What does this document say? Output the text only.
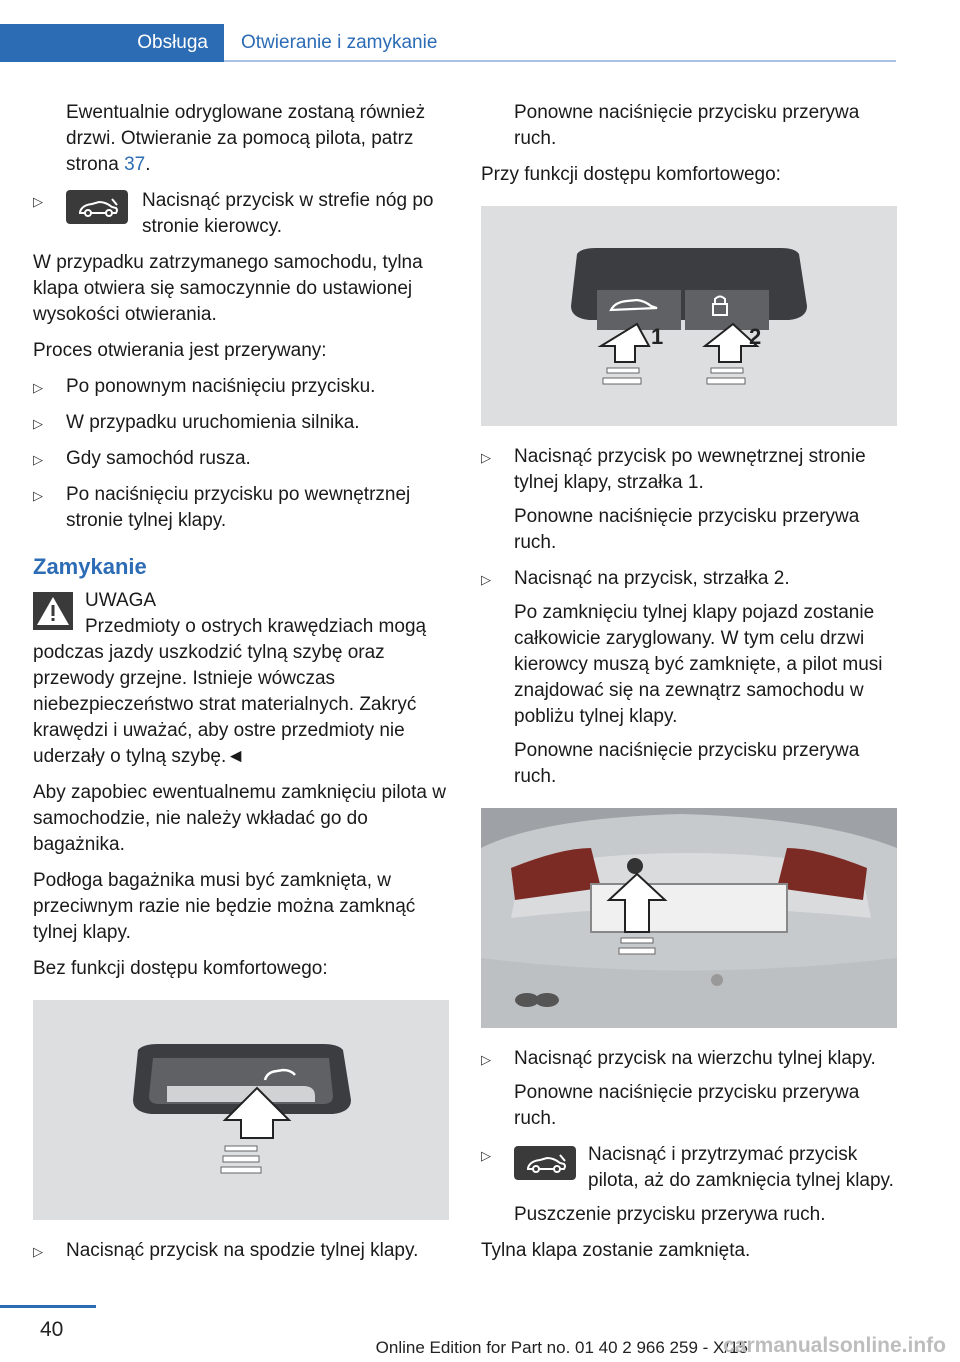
Obsługa	Otwieranie i zamykanie

Ewentualnie odryglowane zostaną również drzwi. Otwieranie za pomocą pilota, patrz strona 37.

▷	Nacisnąć przycisk w strefie nóg po stronie kierowcy.

W przypadku zatrzymanego samochodu, tylna klapa otwiera się samoczynnie do ustawionej wysokości otwierania.

Proces otwierania jest przerywany:

▷ Po ponownym naciśnięciu przycisku.
▷ W przypadku uruchomienia silnika.
▷ Gdy samochód rusza.
▷ Po naciśnięciu przycisku po wewnętrznej stronie tylnej klapy.
Zamykanie
UWAGA

Przedmioty o ostrych krawędziach mogą podczas jazdy uszkodzić tylną szybę oraz przewody grzejne. Istnieje wówczas niebezpieczeństwo strat materialnych. Zakryć krawędzi i uważać, aby ostre przedmioty nie uderzały o tylną szybę.◄

Aby zapobiec ewentualnemu zamknięciu pilota w samochodzie, nie należy wkładać go do bagażnika.

Podłoga bagażnika musi być zamknięta, w przeciwnym razie nie będzie można zamknąć tylnej klapy.

Bez funkcji dostępu komfortowego:

▷ Nacisnąć przycisk na spodzie tylnej klapy.

Ponowne naciśnięcie przycisku przerywa ruch.

Przy funkcji dostępu komfortowego:

1	2
▷ Nacisnąć przycisk po wewnętrznej stronie tylnej klapy, strzałka 1.

Ponowne naciśnięcie przycisku przerywa ruch.

▷ Nacisnąć na przycisk, strzałka 2.

Po zamknięciu tylnej klapy pojazd zostanie całkowicie zaryglowany. W tym celu drzwi kierowcy muszą być zamknięte, a pilot musi znajdować się na zewnątrz samochodu w pobliżu tylnej klapy.

Ponowne naciśnięcie przycisku przerywa ruch.

▷ Nacisnąć przycisk na wierzchu tylnej klapy.

Ponowne naciśnięcie przycisku przerywa ruch.

▷	Nacisnąć i przytrzymać przycisk pilota, aż do zamknięcia tylnej klapy.

Puszczenie przycisku przerywa ruch.

Tylna klapa zostanie zamknięta.

40
Online Edition for Part no. 01 40 2 966 259 - X/15
carmanualsonline.info
